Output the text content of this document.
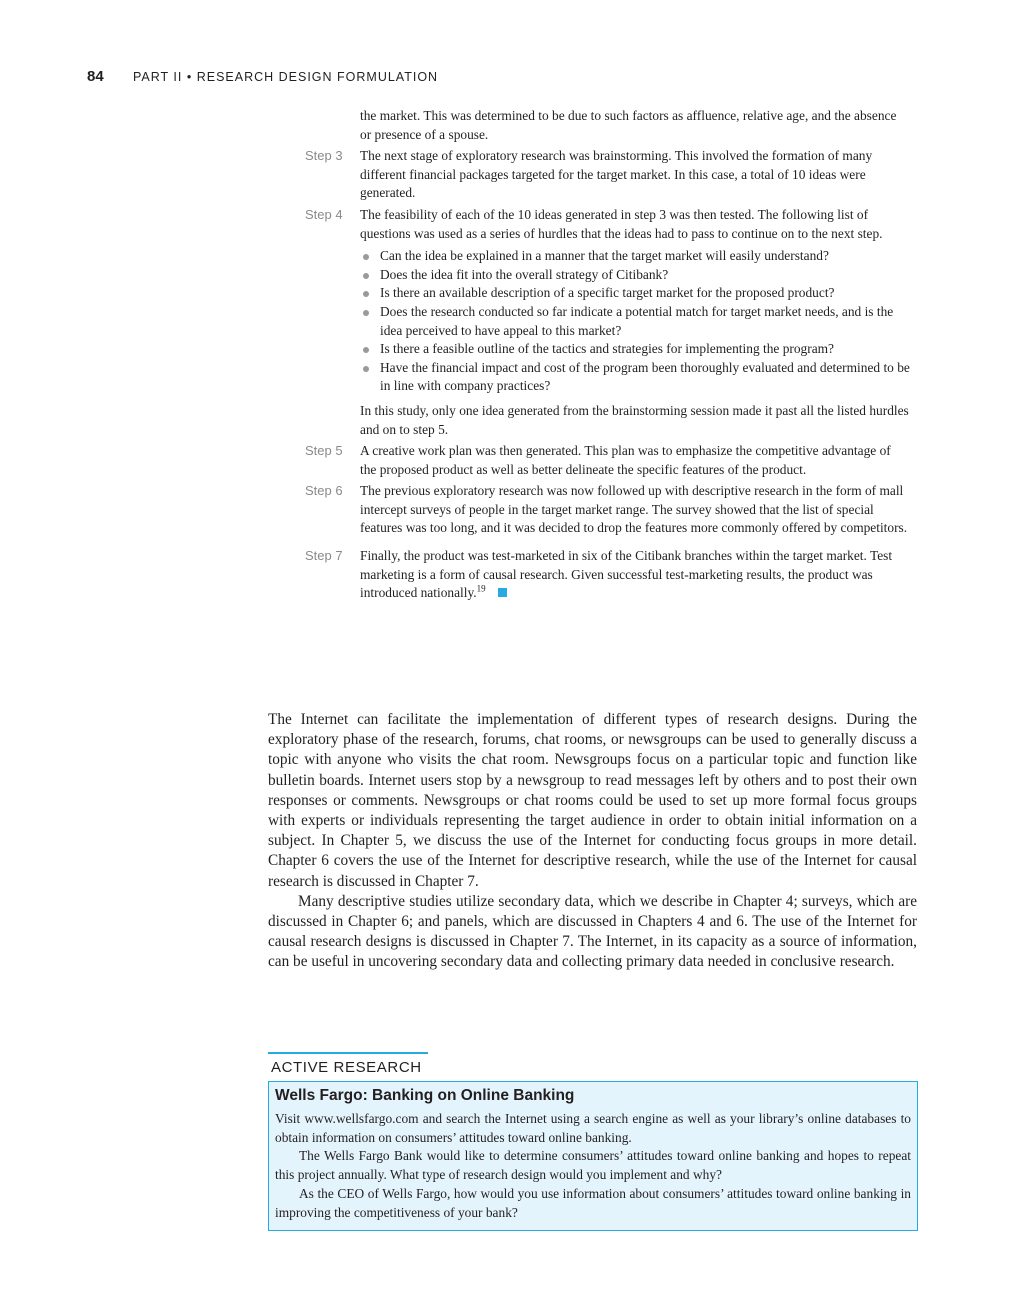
84	PART II • RESEARCH DESIGN FORMULATION
the market. This was determined to be due to such factors as affluence, relative age, and the absence or presence of a spouse.
Step 3 The next stage of exploratory research was brainstorming. This involved the formation of many different financial packages targeted for the target market. In this case, a total of 10 ideas were generated.
Step 4 The feasibility of each of the 10 ideas generated in step 3 was then tested. The following list of questions was used as a series of hurdles that the ideas had to pass to continue on to the next step.
Can the idea be explained in a manner that the target market will easily understand?
Does the idea fit into the overall strategy of Citibank?
Is there an available description of a specific target market for the proposed product?
Does the research conducted so far indicate a potential match for target market needs, and is the idea perceived to have appeal to this market?
Is there a feasible outline of the tactics and strategies for implementing the program?
Have the financial impact and cost of the program been thoroughly evaluated and determined to be in line with company practices?
In this study, only one idea generated from the brainstorming session made it past all the listed hurdles and on to step 5.
Step 5 A creative work plan was then generated. This plan was to emphasize the competitive advantage of the proposed product as well as better delineate the specific features of the product.
Step 6 The previous exploratory research was now followed up with descriptive research in the form of mall intercept surveys of people in the target market range. The survey showed that the list of special features was too long, and it was decided to drop the features more commonly offered by competitors.
Step 7 Finally, the product was test-marketed in six of the Citibank branches within the target market. Test marketing is a form of causal research. Given successful test-marketing results, the product was introduced nationally.$^{19}$

The Internet can facilitate the implementation of different types of research designs. During the exploratory phase of the research, forums, chat rooms, or newsgroups can be used to generally discuss a topic with anyone who visits the chat room. Newsgroups focus on a particular topic and function like bulletin boards. Internet users stop by a newsgroup to read messages left by others and to post their own responses or comments. Newsgroups or chat rooms could be used to set up more formal focus groups with experts or individuals representing the target audience in order to obtain initial information on a subject. In Chapter 5, we discuss the use of the Internet for conducting focus groups in more detail. Chapter 6 covers the use of the Internet for descriptive research, while the use of the Internet for causal research is discussed in Chapter 7.

Many descriptive studies utilize secondary data, which we describe in Chapter 4; surveys, which are discussed in Chapter 6; and panels, which are discussed in Chapters 4 and 6. The use of the Internet for causal research designs is discussed in Chapter 7. The Internet, in its capacity as a source of information, can be useful in uncovering secondary data and collecting primary data needed in conclusive research.

ACTIVE RESEARCH
Wells Fargo: Banking on Online Banking

Visit www.wellsfargo.com and search the Internet using a search engine as well as your library’s online databases to obtain information on consumers’ attitudes toward online banking.

The Wells Fargo Bank would like to determine consumers’ attitudes toward online banking and hopes to repeat this project annually. What type of research design would you implement and why?

As the CEO of Wells Fargo, how would you use information about consumers’ attitudes toward online banking in improving the competitiveness of your bank?
